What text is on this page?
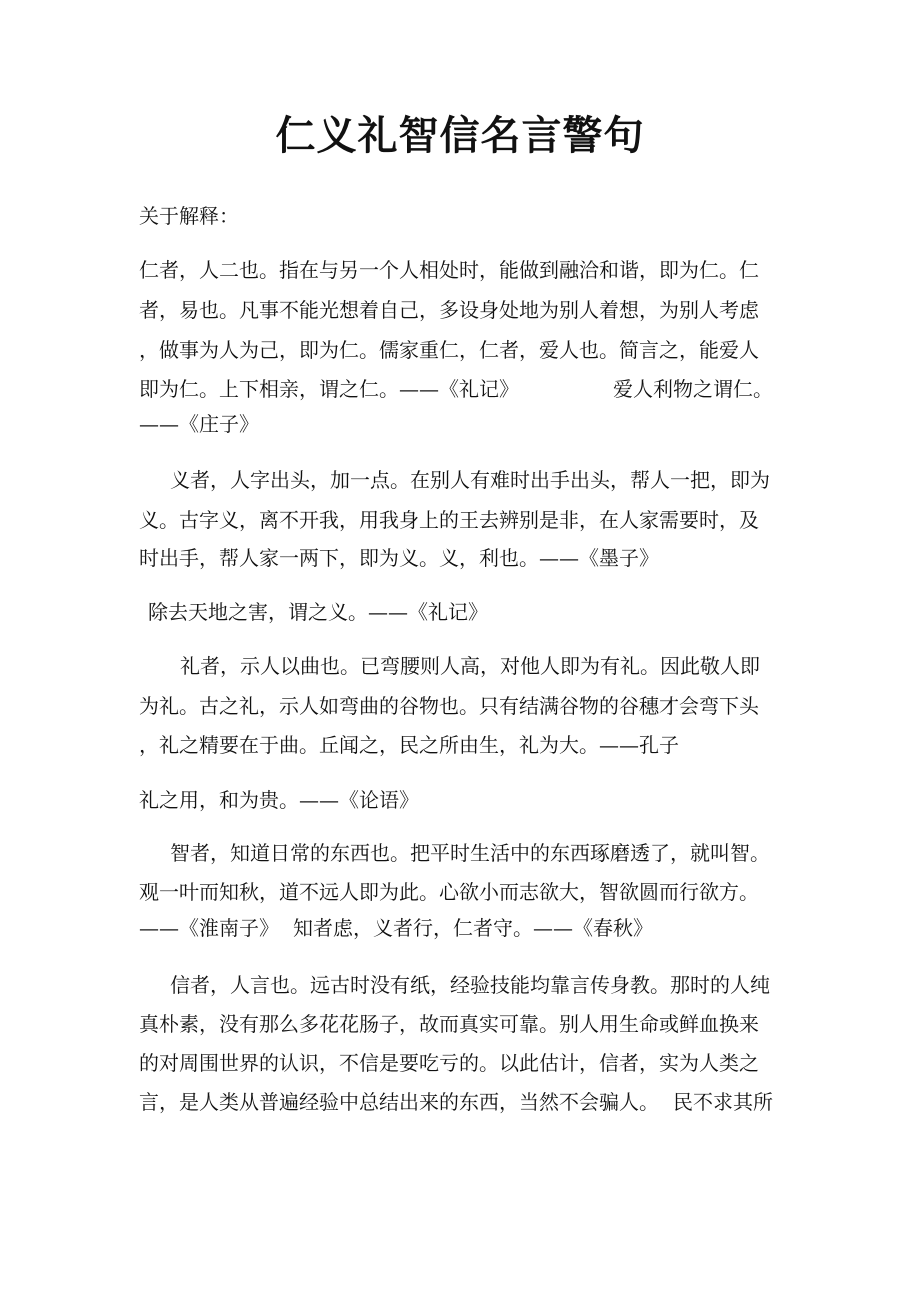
仁义礼智信名言警句

关于解释：

仁者，人二也。指在与另一个人相处时，能做到融洽和谐，即为仁。仁

者，易也。凡事不能光想着自己，多设身处地为别人着想，为别人考虑

，做事为人为己，即为仁。儒家重仁，仁者，爱人也。简言之，能爱人

即为仁。上下相亲，谓之仁。——《礼记》	爱人利物之谓仁。

——《庄子》

义者，人字出头，加一点。在别人有难时出手出头，帮人一把，即为

义。古字义，离不开我，用我身上的王去辨别是非，在人家需要时，及

时出手，帮人家一两下，即为义。义，利也。——《墨子》

除去天地之害，谓之义。——《礼记》

礼者，示人以曲也。已弯腰则人高，对他人即为有礼。因此敬人即

为礼。古之礼，示人如弯曲的谷物也。只有结满谷物的谷穗才会弯下头

，礼之精要在于曲。丘闻之，民之所由生，礼为大。——孔子

礼之用，和为贵。——《论语》

智者，知道日常的东西也。把平时生活中的东西琢磨透了，就叫智。

观一叶而知秋，道不远人即为此。心欲小而志欲大，智欲圆而行欲方。

——《淮南子》 知者虑，义者行，仁者守。——《春秋》

信者，人言也。远古时没有纸，经验技能均靠言传身教。那时的人纯

真朴素，没有那么多花花肠子，故而真实可靠。别人用生命或鲜血换来

的对周围世界的认识，不信是要吃亏的。以此估计，信者，实为人类之

言，是人类从普遍经验中总结出来的东西，当然不会骗人。 民不求其所
